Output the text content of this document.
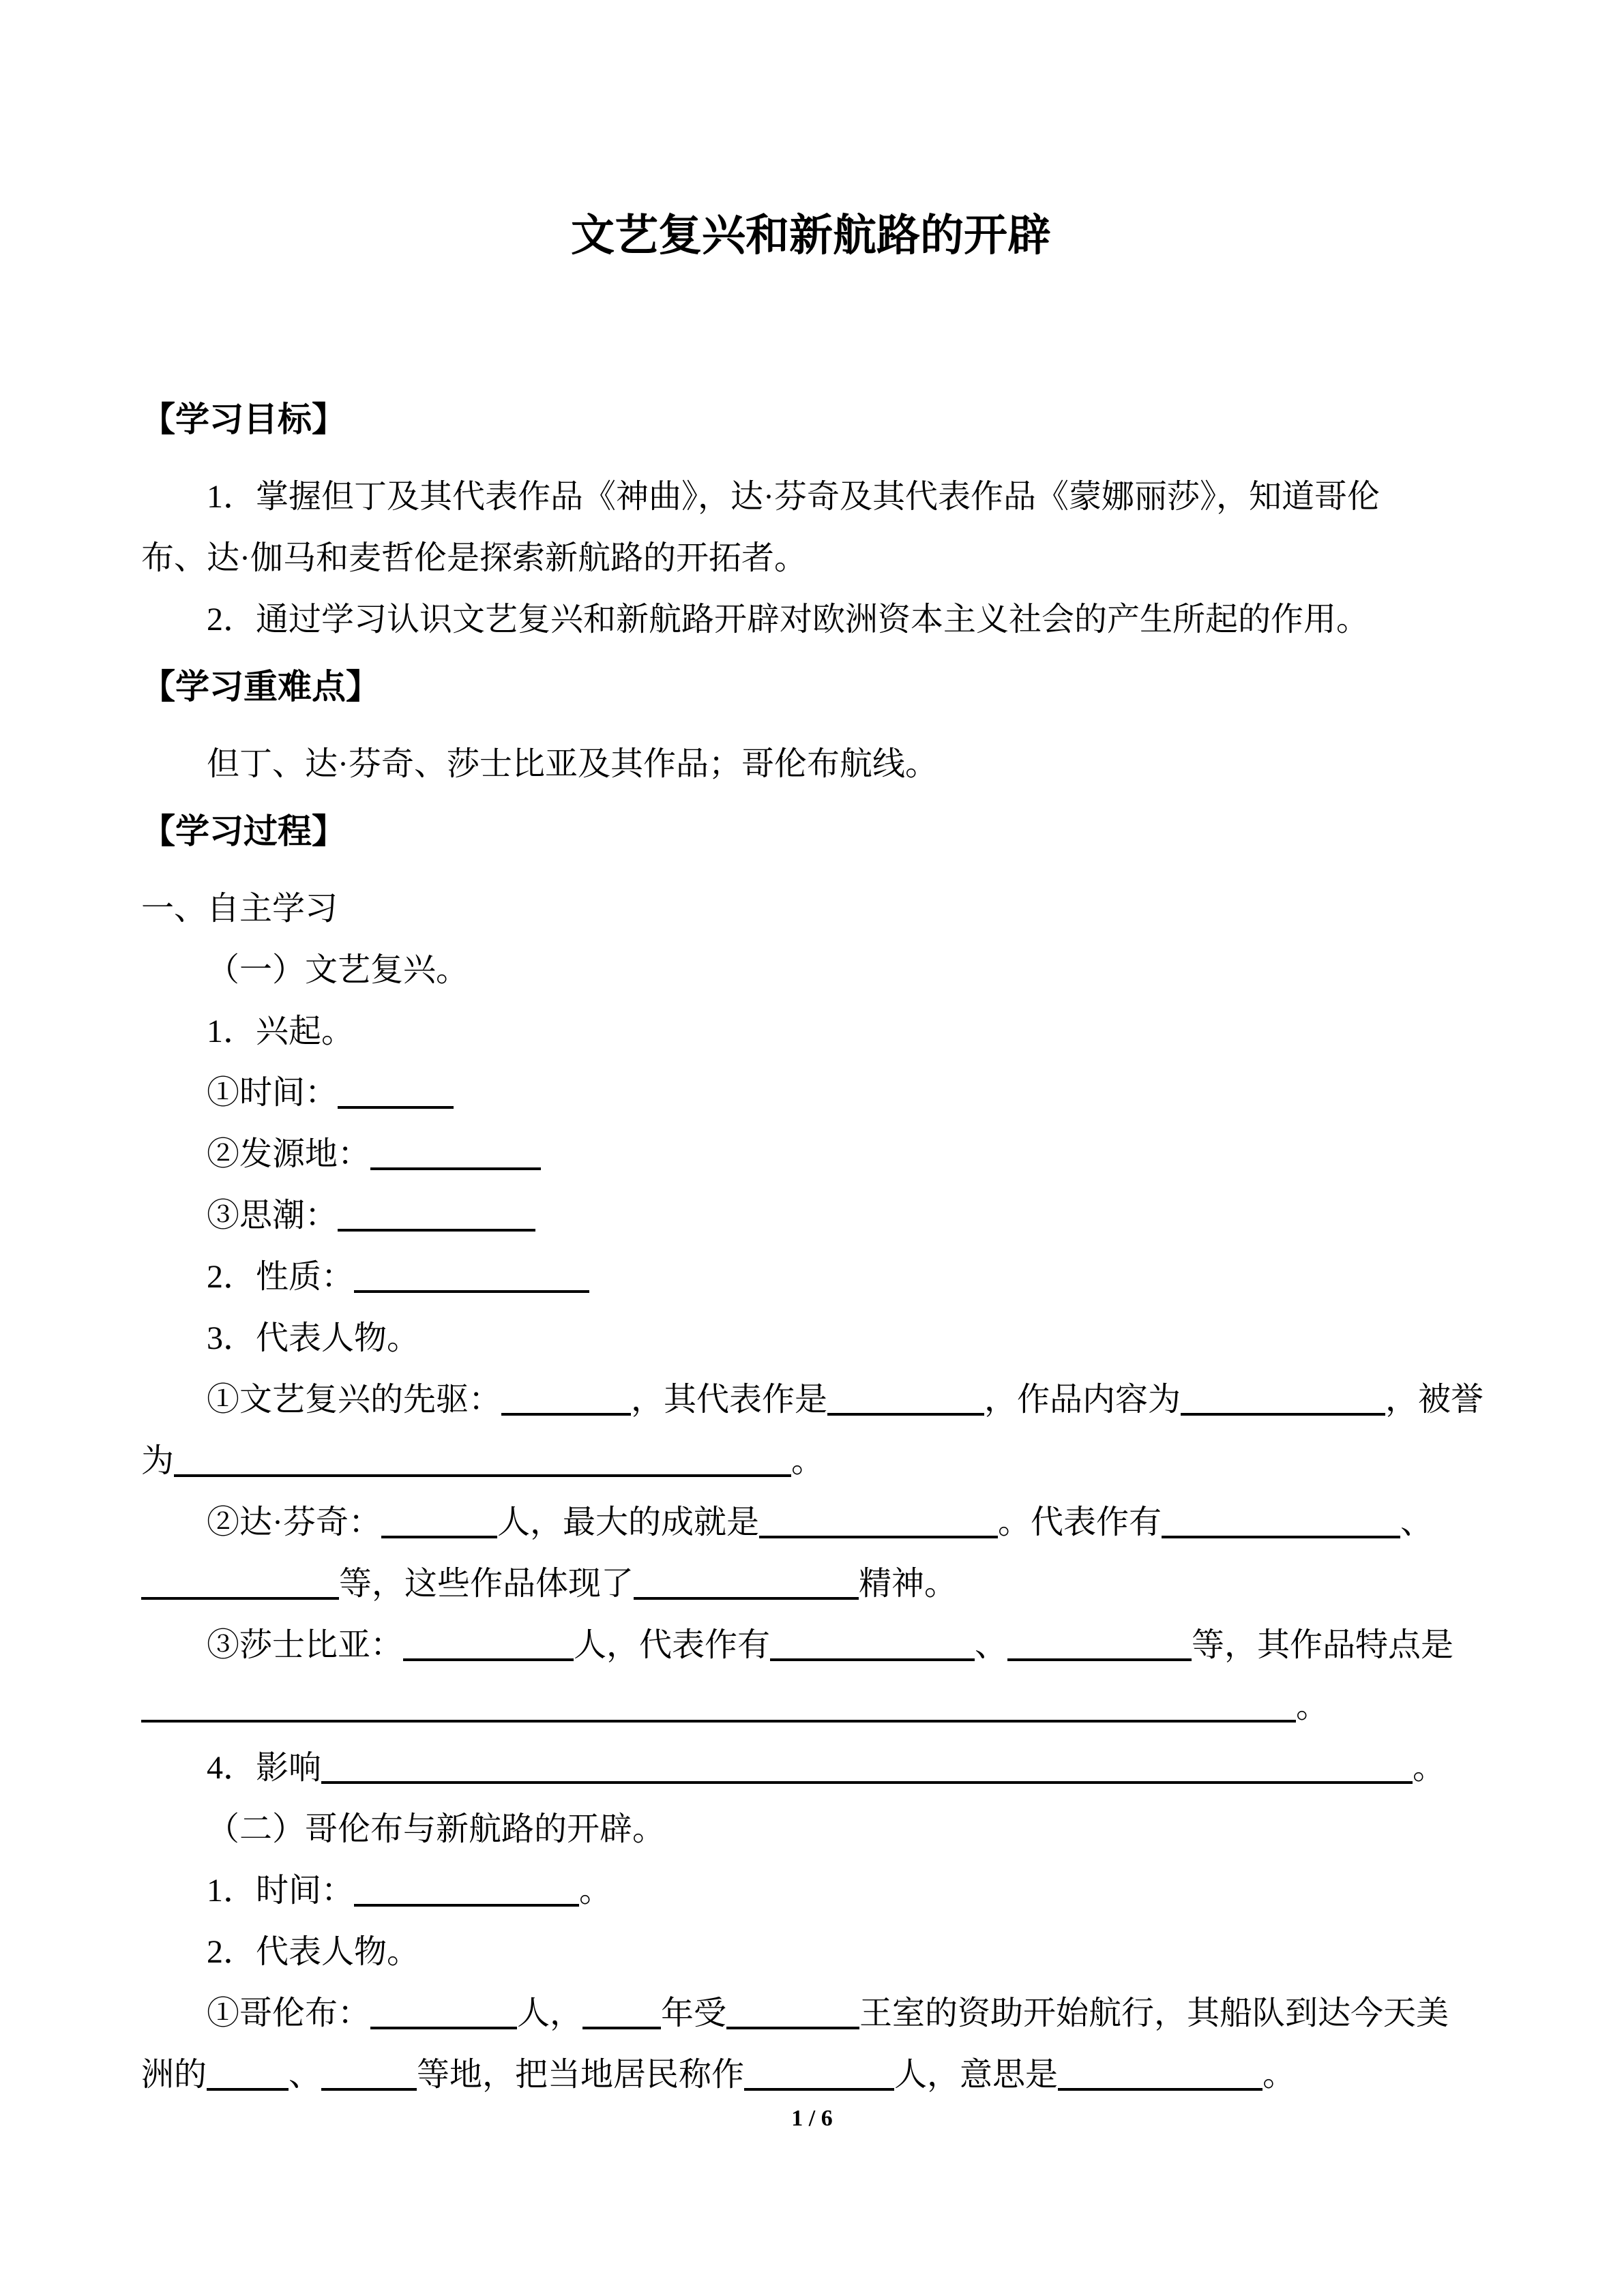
文艺复兴和新航路的开辟
【学习目标】
1．掌握但丁及其代表作品《神曲》，达·芬奇及其代表作品《蒙娜丽莎》，知道哥伦
布、达·伽马和麦哲伦是探索新航路的开拓者。
2．通过学习认识文艺复兴和新航路开辟对欧洲资本主义社会的产生所起的作用。
【学习重难点】
但丁、达·芬奇、莎士比亚及其作品；哥伦布航线。
【学习过程】
一、自主学习
（一）文艺复兴。
1．兴起。
①时间：
②发源地：
③思潮：
2．性质：
3．代表人物。
①文艺复兴的先驱：	，其代表作是	，作品内容为	，被誉
为	。
②达·芬奇：	人，最大的成就是	。代表作有	、
等，这些作品体现了	精神。
③莎士比亚：	人，代表作有	、	等，其作品特点是
。
4．影响	。
（二）哥伦布与新航路的开辟。
1．时间：	。
2．代表人物。
①哥伦布：	人， 年受	王室的资助开始航行，其船队到达今天美
洲的	、	等地，把当地居民称作	人，意思是	。
1 / 6
